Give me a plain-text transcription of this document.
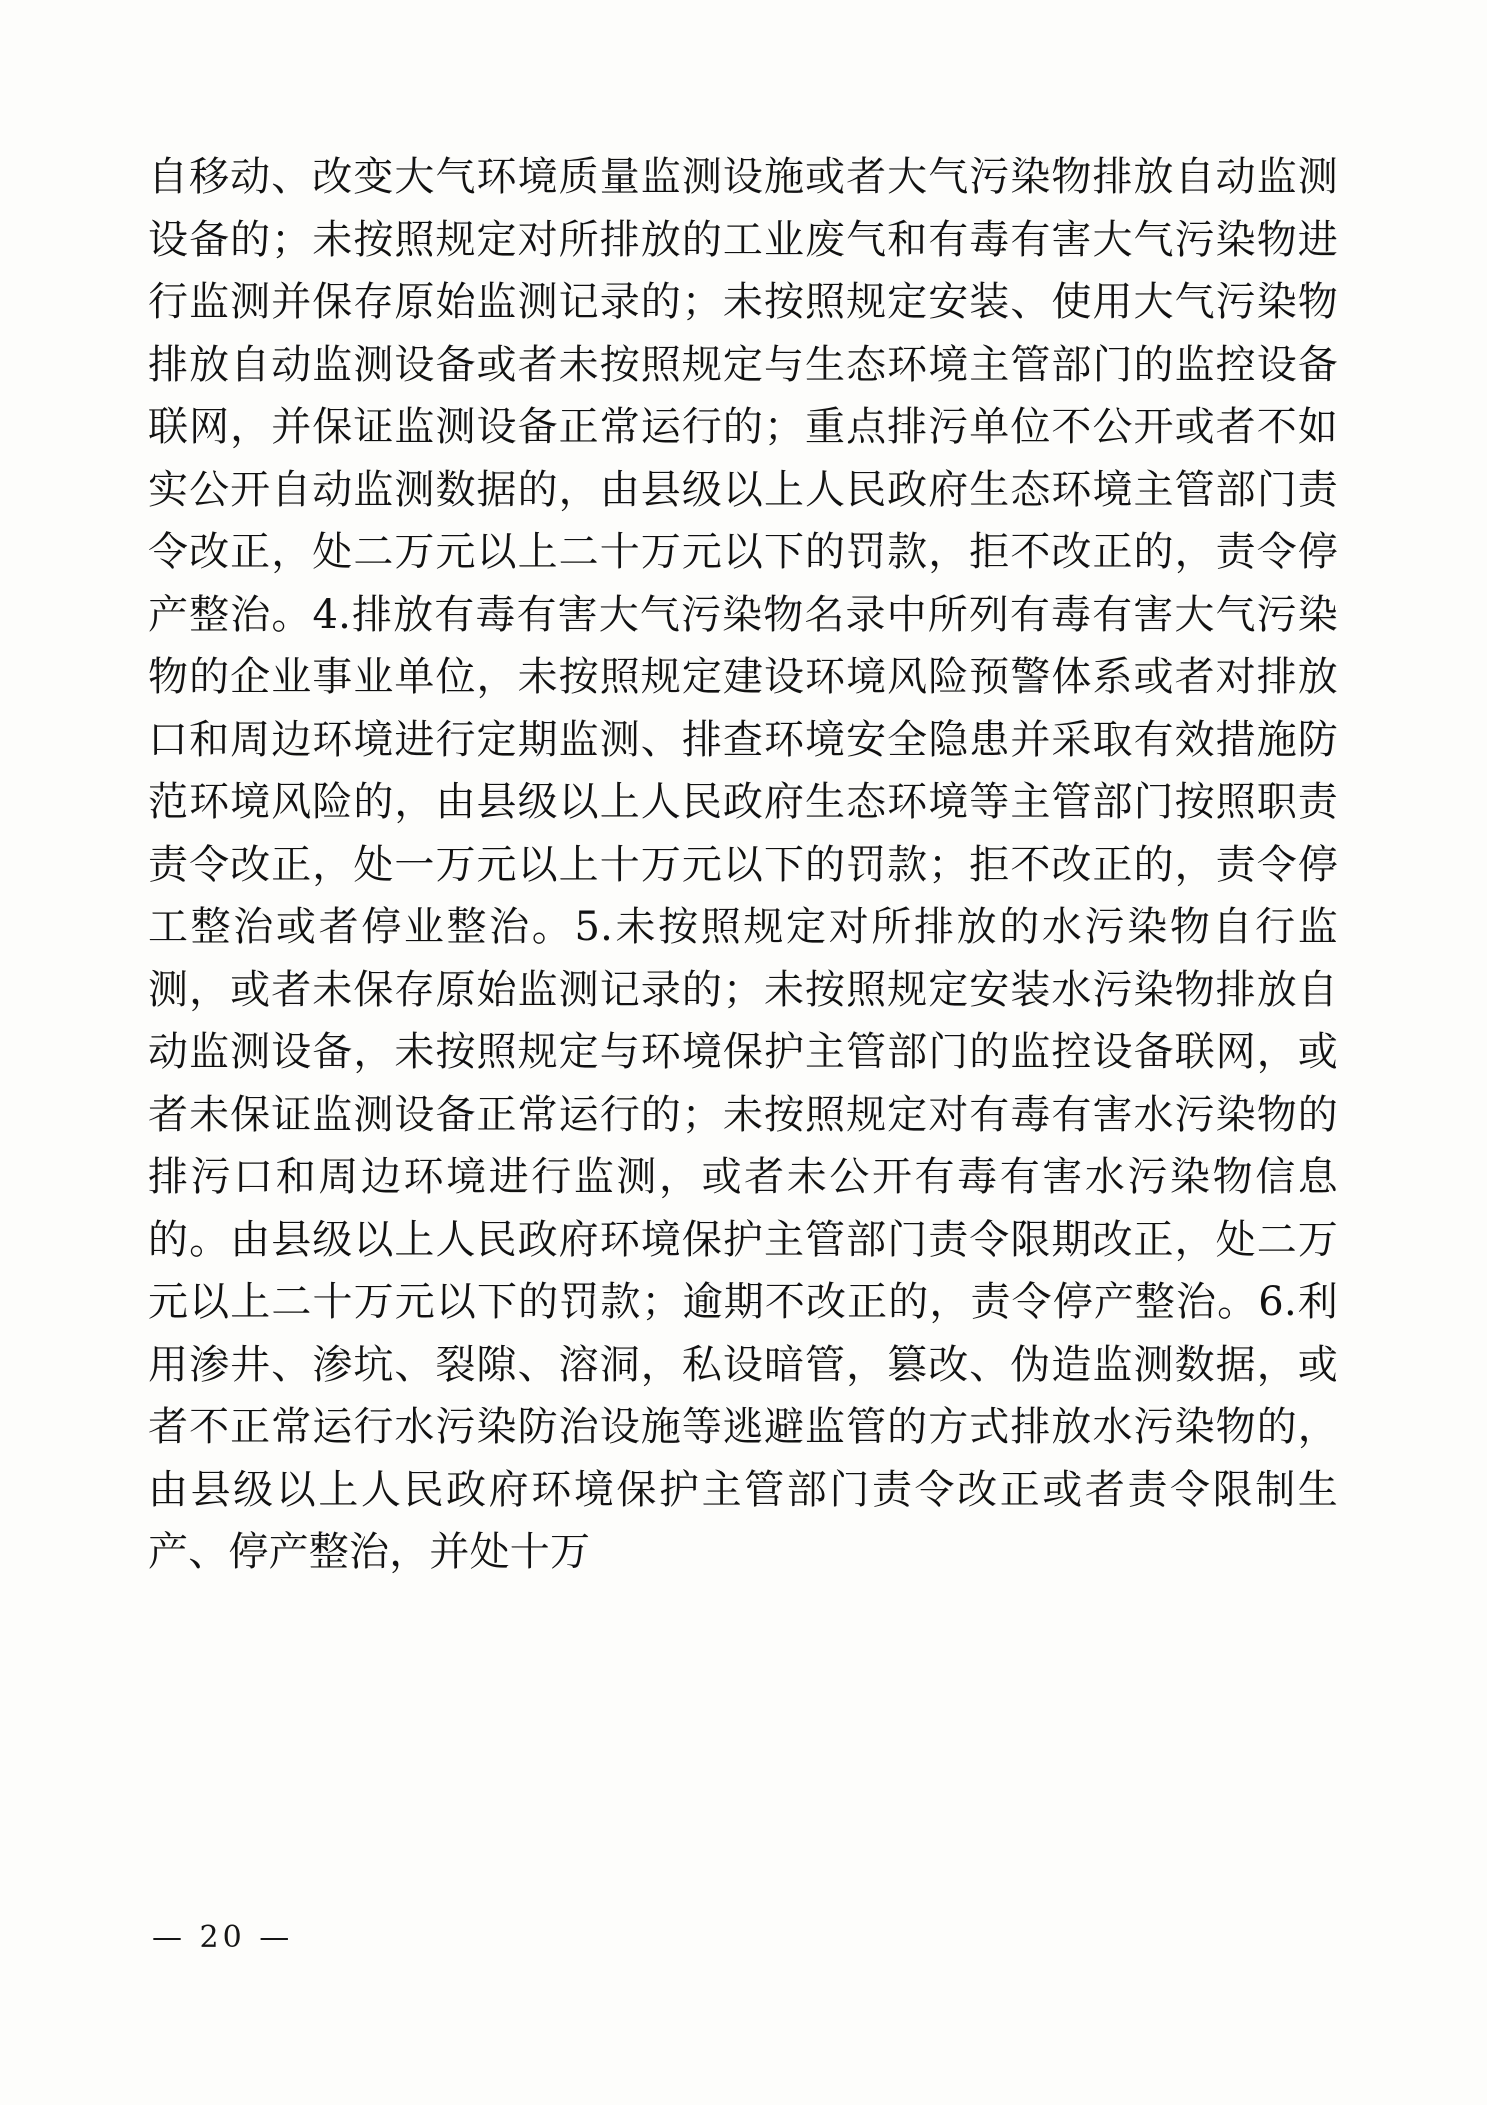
自移动、改变大气环境质量监测设施或者大气污染物排放自动监测设备的；未按照规定对所排放的工业废气和有毒有害大气污染物进行监测并保存原始监测记录的；未按照规定安装、使用大气污染物排放自动监测设备或者未按照规定与生态环境主管部门的监控设备联网，并保证监测设备正常运行的；重点排污单位不公开或者不如实公开自动监测数据的，由县级以上人民政府生态环境主管部门责令改正，处二万元以上二十万元以下的罚款，拒不改正的，责令停产整治。4.排放有毒有害大气污染物名录中所列有毒有害大气污染物的企业事业单位，未按照规定建设环境风险预警体系或者对排放口和周边环境进行定期监测、排查环境安全隐患并采取有效措施防范环境风险的，由县级以上人民政府生态环境等主管部门按照职责责令改正，处一万元以上十万元以下的罚款；拒不改正的，责令停工整治或者停业整治。5.未按照规定对所排放的水污染物自行监测，或者未保存原始监测记录的；未按照规定安装水污染物排放自动监测设备，未按照规定与环境保护主管部门的监控设备联网，或者未保证监测设备正常运行的；未按照规定对有毒有害水污染物的排污口和周边环境进行监测，或者未公开有毒有害水污染物信息的。由县级以上人民政府环境保护主管部门责令限期改正，处二万元以上二十万元以下的罚款；逾期不改正的，责令停产整治。6.利用渗井、渗坑、裂隙、溶洞，私设暗管，篡改、伪造监测数据，或者不正常运行水污染防治设施等逃避监管的方式排放水污染物的，由县级以上人民政府环境保护主管部门责令改正或者责令限制生产、停产整治，并处十万

— 20 —
